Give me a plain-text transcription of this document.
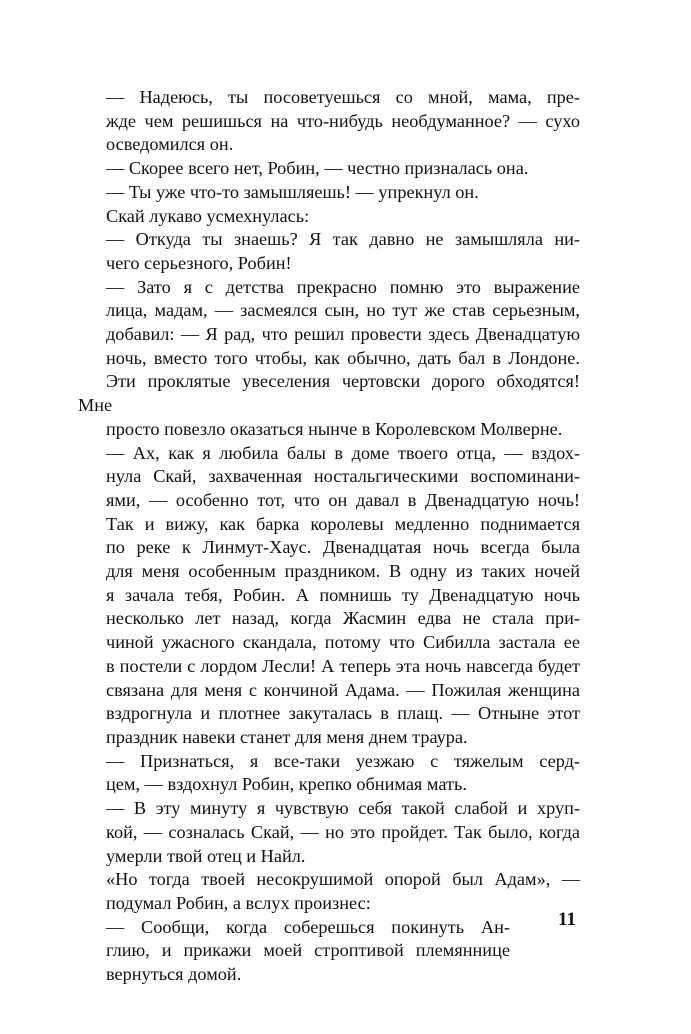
— Надеюсь, ты посоветуешься со мной, мама, пре-
жде чем решишься на что-нибудь необдуманное? — сухо
осведомился он.
— Скорее всего нет, Робин, — честно призналась она.
— Ты уже что-то замышляешь! — упрекнул он.
Скай лукаво усмехнулась:
— Откуда ты знаешь? Я так давно не замышляла ни-
чего серьезного, Робин!
— Зато я с детства прекрасно помню это выражение
лица, мадам, — засмеялся сын, но тут же став серьезным,
добавил: — Я рад, что решил провести здесь Двенадцатую
ночь, вместо того чтобы, как обычно, дать бал в Лондоне.
Эти проклятые увеселения чертовски дорого обходятся! Мне
просто повезло оказаться нынче в Королевском Молверне.
— Ах, как я любила балы в доме твоего отца, — вздох-
нула Скай, захваченная ностальгическими воспоминани-
ями, — особенно тот, что он давал в Двенадцатую ночь!
Так и вижу, как барка королевы медленно поднимается
по реке к Линмут-Хаус. Двенадцатая ночь всегда была
для меня особенным праздником. В одну из таких ночей
я зачала тебя, Робин. А помнишь ту Двенадцатую ночь
несколько лет назад, когда Жасмин едва не стала при-
чиной ужасного скандала, потому что Сибилла застала ее
в постели с лордом Лесли! А теперь эта ночь навсегда будет
связана для меня с кончиной Адама. — Пожилая женщина
вздрогнула и плотнее закуталась в плащ. — Отныне этот
праздник навеки станет для меня днем траура.
— Признаться, я все-таки уезжаю с тяжелым серд-
цем, — вздохнул Робин, крепко обнимая мать.
— В эту минуту я чувствую себя такой слабой и хруп-
кой, — созналась Скай, — но это пройдет. Так было, когда
умерли твой отец и Найл.
«Но тогда твоей несокрушимой опорой был Адам», —
подумал Робин, а вслух произнес:
— Сообщи, когда соберешься покинуть Ан-
глию, и прикажи моей строптивой племяннице
вернуться домой.
11
